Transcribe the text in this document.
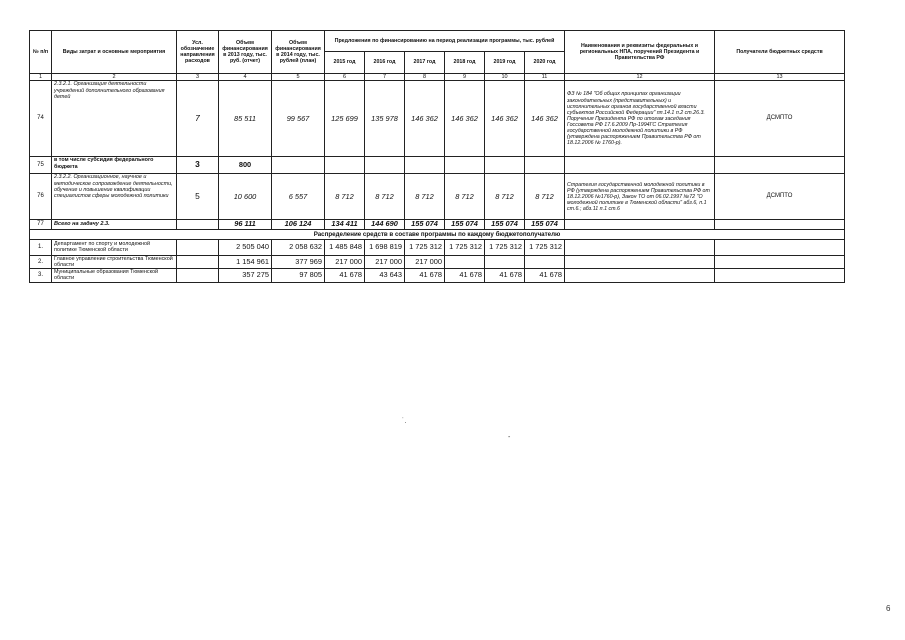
№ п/п	Виды затрат и основные мероприятия	Усл. обозначение направления расходов	Объем финансирования в 2013 году, тыс. руб. (отчет)	Объем финансирования в 2014 году, тыс. рублей (план)	Предложения по финансированию на период реализации программы, тыс. рублей						Наименования и реквизиты федеральных и региональных НПА, поручений Президента и Правительства РФ	Получатели бюджетных средств
					2015 год	2016 год	2017 год	2018 год	2019 год	2020 год		
1	2	3	4	5	6	7	8	9	10	11	12	13
74	2.3.2.1. Организация деятельности учреждений дополнительного образования детей	7	85 511	99 567	125 699	135 978	146 362	146 362	146 362	146 362	ФЗ № 184 "Об общих принципах организации законодательных (представительных) и исполнительных органов государственной власти субъектов Российской Федерации" пп.14.1 п.2 ст.26.3. Поручения Президента РФ по итогам заседания Госсовета РФ 17.6.2009 Пр-1994ГС Стратегия государственной молодежной политики в РФ (утверждена распоряжением Правительства РФ от 18.12.2006 № 1760-р).	ДСМПТО
75	в том числе субсидия федерального бюджета	3	800									
76	2.3.2.2. Организационное, научное и методическое сопровождение деятельности, обучение и повышение квалификации специалистов сферы молодежной политики	5	10 600	6 557	8 712	8 712	8 712	8 712	8 712	8 712	Стратегия государственной молодежной политики в РФ (утверждена распоряжением Правительства РФ от 18.12.2006 №1760-р), Закон ТО от 06.02.1997 №72 "О молодежной политике в Тюменской области" абз.6, п.1 ст.6.; абз.11 п.1 ст.6	ДСМПТО
77	Всего на задачу 2.3.		96 111	106 124	134 411	144 690	155 074	155 074	155 074	155 074		
Распределение средств в составе программы по каждому бюджетополучателю												
1.	Департамент по спорту и молодежной политике Тюменской области		2 505 040	2 058 632	1 485 848	1 698 819	1 725 312	1 725 312	1 725 312	1 725 312		
2.	Главное управление строительства Тюменской области		1 154 961	377 969	217 000	217 000	217 000					
3.	Муниципальные образования Тюменской области		357 275	97 805	41 678	43 643	41 678	41 678	41 678	41 678		
˙.
-
6
